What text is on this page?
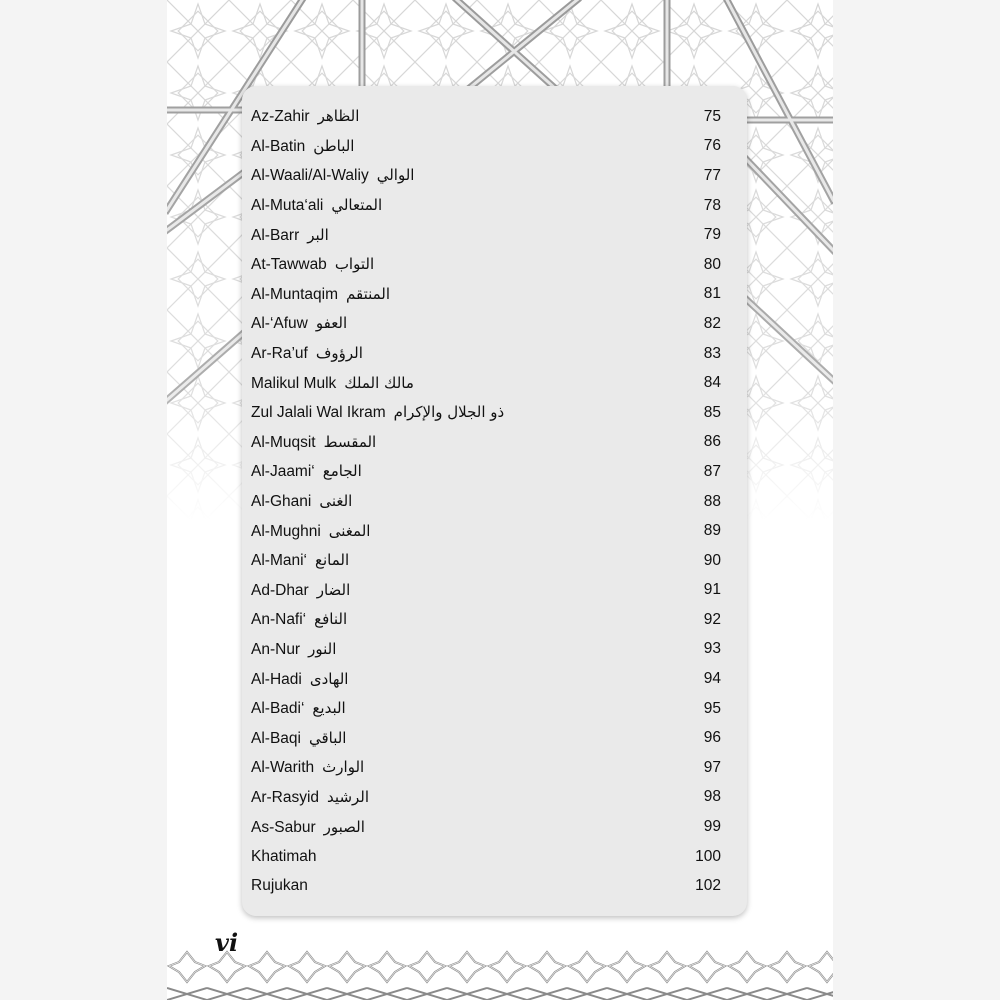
Az-Zahir الظاهر	75
Al-Batin الباطن	76
Al-Waali/Al-Waliy الوالي	77
Al-Muta‘ali المتعالي	78
Al-Barr البر	79
At-Tawwab التواب	80
Al-Muntaqim المنتقم	81
Al-‘Afuw العفو	82
Ar-Ra’uf الرؤوف	83
Malikul Mulk مالك الملك	84
Zul Jalali Wal Ikram ذو الجلال والإكرام	85
Al-Muqsit المقسط	86
Al-Jaami‘ الجامع	87
Al-Ghani الغنى	88
Al-Mughni المغنى	89
Al-Mani‘ المانع	90
Ad-Dhar الضار	91
An-Nafi‘ النافع	92
An-Nur النور	93
Al-Hadi الهادى	94
Al-Badi‘ البديع	95
Al-Baqi الباقي	96
Al-Warith الوارث	97
Ar-Rasyid الرشيد	98
As-Sabur الصبور	99
Khatimah	100
Rujukan	102
vi
